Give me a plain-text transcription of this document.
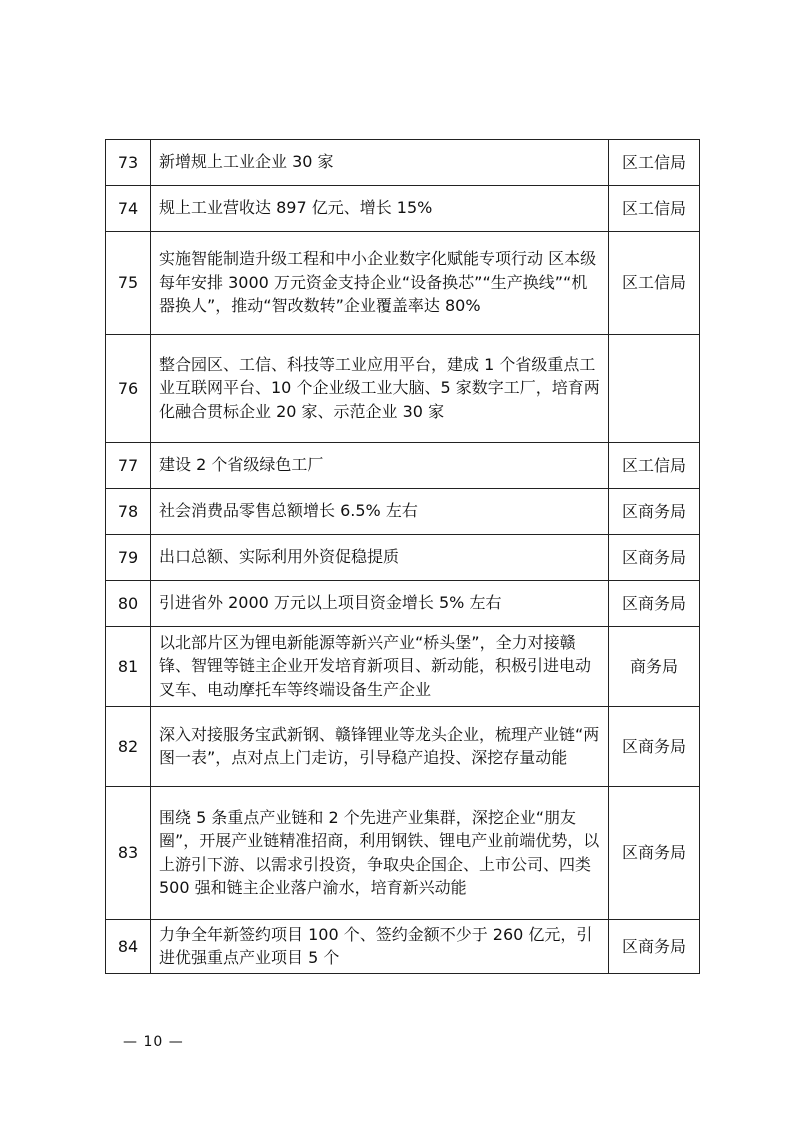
73	新增规上工业企业 30 家	区工信局
74	规上工业营收达 897 亿元、增长 15%	区工信局
75	实施智能制造升级工程和中小企业数字化赋能专项行动 区本级每年安排 3000 万元资金支持企业“设备换芯”“生产换线”“机器换人”，推动“智改数转”企业覆盖率达 80%	区工信局
76	整合园区、工信、科技等工业应用平台，建成 1 个省级重点工业互联网平台、10 个企业级工业大脑、5 家数字工厂，培育两化融合贯标企业 20 家、示范企业 30 家	
77	建设 2 个省级绿色工厂	区工信局
78	社会消费品零售总额增长 6.5% 左右	区商务局
79	出口总额、实际利用外资促稳提质	区商务局
80	引进省外 2000 万元以上项目资金增长 5% 左右	区商务局
81	以北部片区为锂电新能源等新兴产业“桥头堡”，全力对接赣锋、智锂等链主企业开发培育新项目、新动能，积极引进电动叉车、电动摩托车等终端设备生产企业	商务局
82	深入对接服务宝武新钢、赣锋锂业等龙头企业，梳理产业链“两图一表”，点对点上门走访，引导稳产追投、深挖存量动能	区商务局
83	围绕 5 条重点产业链和 2 个先进产业集群，深挖企业“朋友圈”，开展产业链精准招商，利用钢铁、锂电产业前端优势，以上游引下游、以需求引投资，争取央企国企、上市公司、四类 500 强和链主企业落户渝水，培育新兴动能	区商务局
84	力争全年新签约项目 100 个、签约金额不少于 260 亿元，引进优强重点产业项目 5 个	区商务局
— 10 —
